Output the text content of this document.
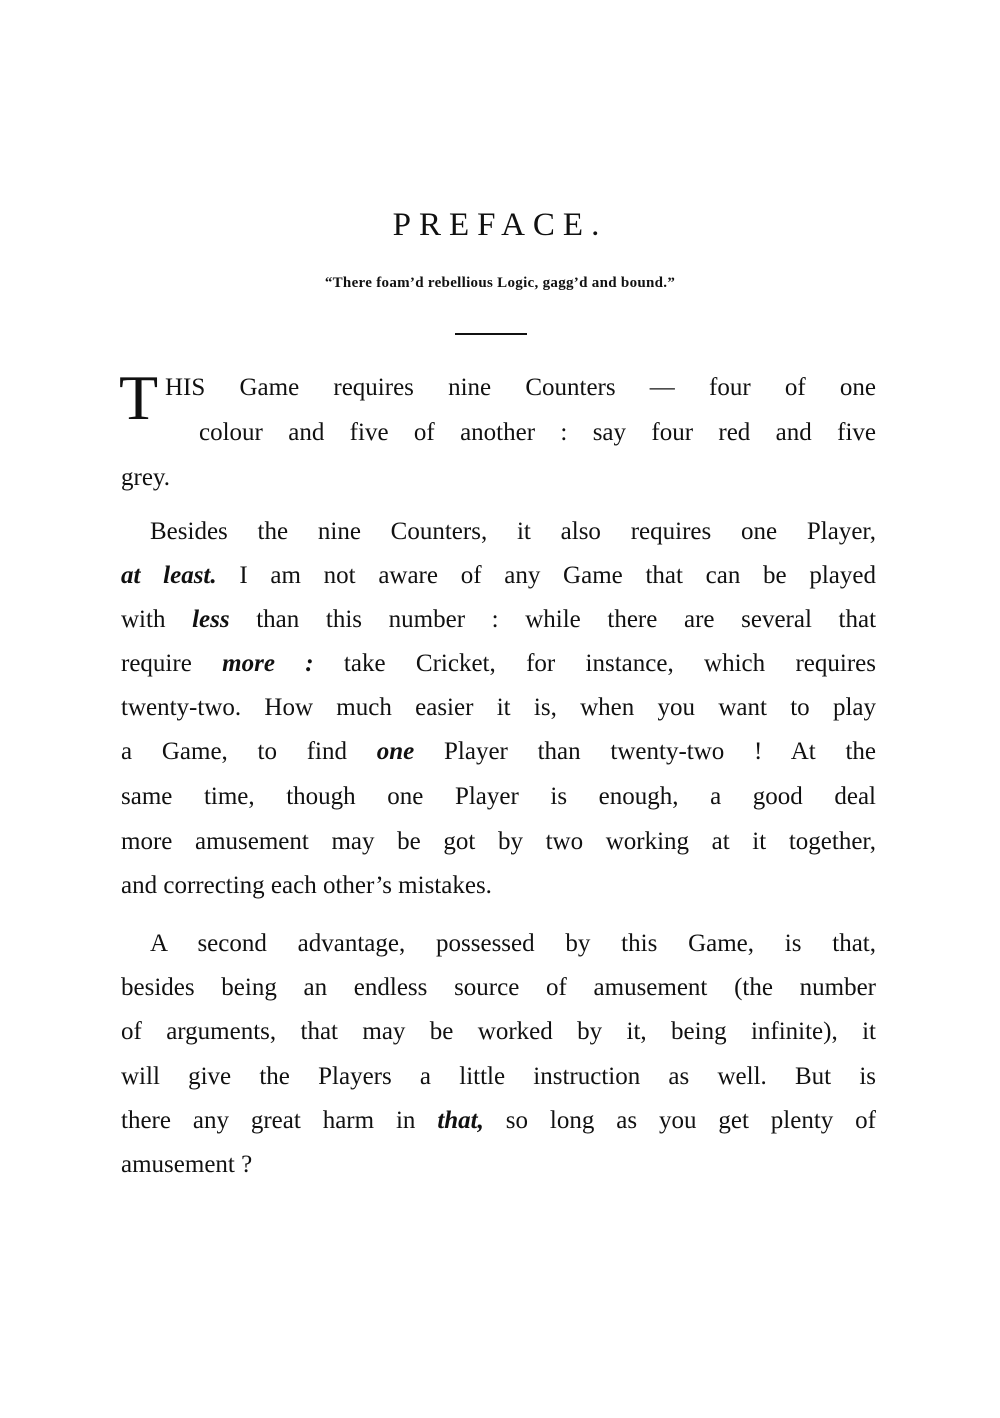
PREFACE.
“There foam’d rebellious Logic, gagg’d and bound.”
T HIS Game requires nine Counters — four of one
colour and five of another : say four red and five
grey.
Besides the nine Counters, it also requires one Player,
at least. I am not aware of any Game that can be played
with less than this number : while there are several that
require more : take Cricket, for instance, which requires
twenty-two. How much easier it is, when you want to play
a Game, to find one Player than twenty-two ! At the
same time, though one Player is enough, a good deal
more amusement may be got by two working at it together,
and correcting each other’s mistakes.
A second advantage, possessed by this Game, is that,
besides being an endless source of amusement (the number
of arguments, that may be worked by it, being infinite), it
will give the Players a little instruction as well. But is
there any great harm in that, so long as you get plenty of
amusement ?
